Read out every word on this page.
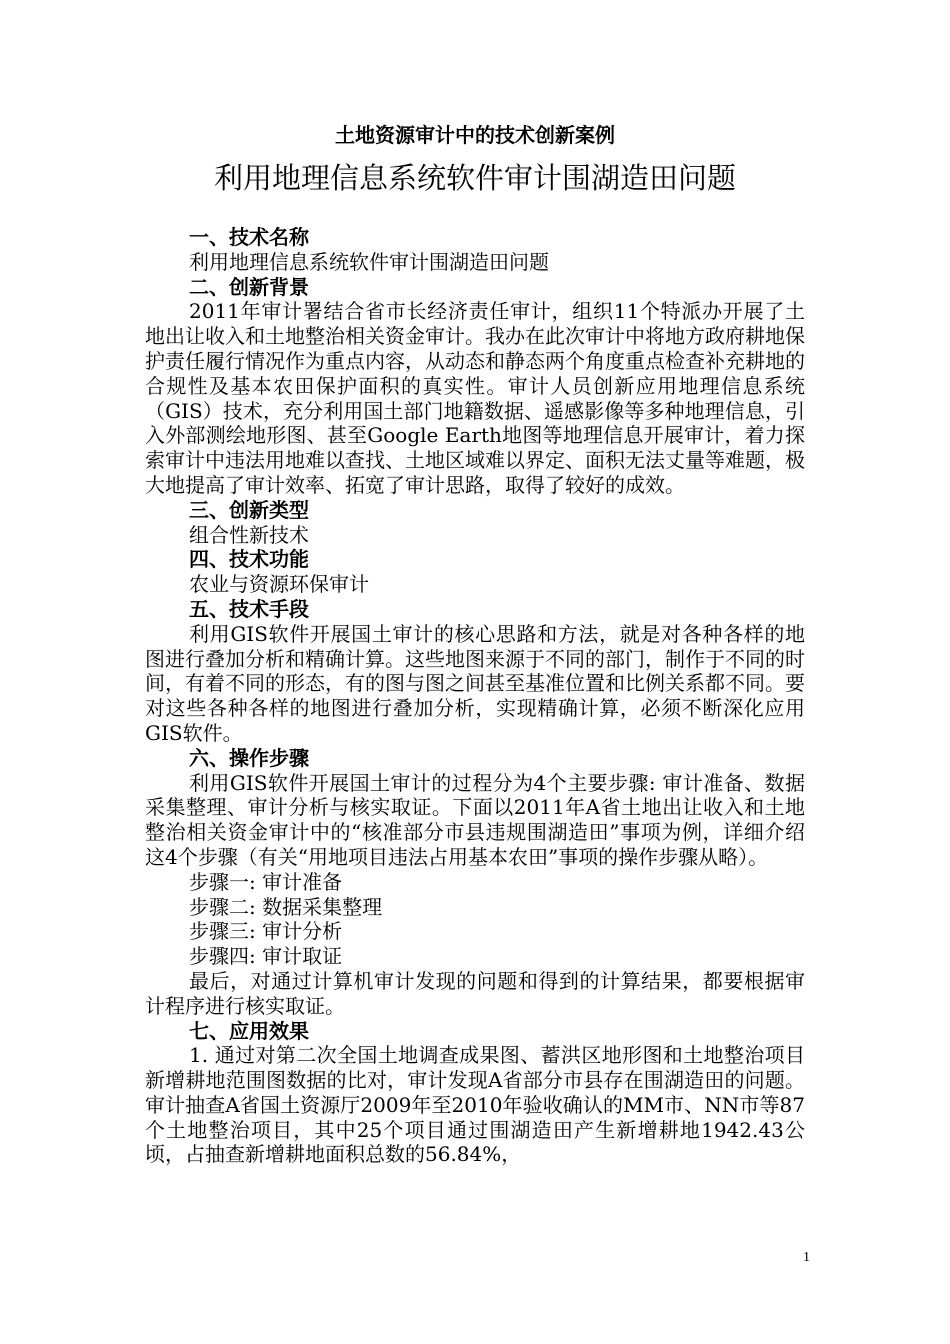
土地资源审计中的技术创新案例
利用地理信息系统软件审计围湖造田问题

一、技术名称

利用地理信息系统软件审计围湖造田问题

二、创新背景

2011年审计署结合省市长经济责任审计，组织11个特派办开展了土地出让收入和土地整治相关资金审计。我办在此次审计中将地方政府耕地保护责任履行情况作为重点内容，从动态和静态两个角度重点检查补充耕地的合规性及基本农田保护面积的真实性。审计人员创新应用地理信息系统（GIS）技术，充分利用国土部门地籍数据、遥感影像等多种地理信息，引入外部测绘地形图、甚至Google Earth地图等地理信息开展审计，着力探索审计中违法用地难以查找、土地区域难以界定、面积无法丈量等难题，极大地提高了审计效率、拓宽了审计思路，取得了较好的成效。

三、创新类型

组合性新技术

四、技术功能

农业与资源环保审计

五、技术手段

利用GIS软件开展国土审计的核心思路和方法，就是对各种各样的地图进行叠加分析和精确计算。这些地图来源于不同的部门，制作于不同的时间，有着不同的形态，有的图与图之间甚至基准位置和比例关系都不同。要对这些各种各样的地图进行叠加分析，实现精确计算，必须不断深化应用GIS软件。

六、操作步骤

利用GIS软件开展国土审计的过程分为4个主要步骤: 审计准备、数据采集整理、审计分析与核实取证。下面以2011年A省土地出让收入和土地整治相关资金审计中的“核准部分市县违规围湖造田”事项为例，详细介绍这4个步骤（有关“用地项目违法占用基本农田”事项的操作步骤从略）。

步骤一: 审计准备

步骤二: 数据采集整理

步骤三: 审计分析

步骤四: 审计取证

最后，对通过计算机审计发现的问题和得到的计算结果，都要根据审计程序进行核实取证。

七、应用效果

1. 通过对第二次全国土地调查成果图、蓄洪区地形图和土地整治项目新增耕地范围图数据的比对，审计发现A省部分市县存在围湖造田的问题。审计抽查A省国土资源厅2009年至2010年验收确认的MM市、NN市等87个土地整治项目，其中25个项目通过围湖造田产生新增耕地1942.43公顷，占抽查新增耕地面积总数的56.84%，

1
